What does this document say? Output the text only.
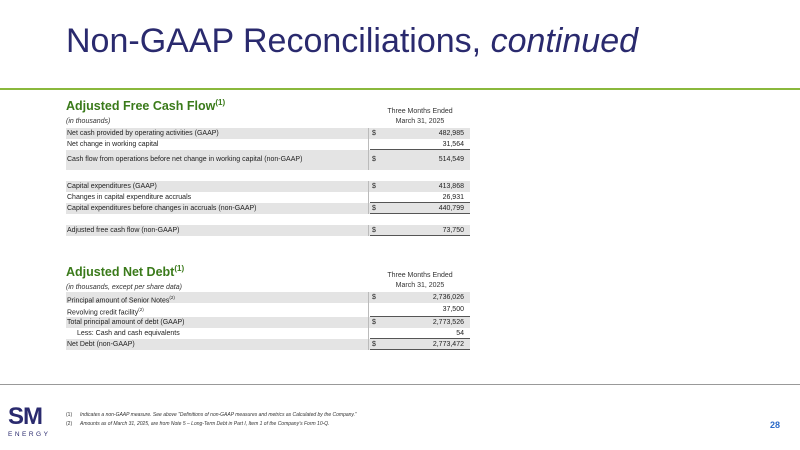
Non-GAAP Reconciliations, continued
Adjusted Free Cash Flow$^{(1)}$
(in thousands)
Three Months Ended
March 31, 2025
Net cash provided by operating activities (GAAP)	$	482,985
Net change in working capital	31,564
Cash flow from operations before net change in working capital (non-GAAP)	$	514,549
Capital expenditures (GAAP)	$	413,868
Changes in capital expenditure accruals	26,931
Capital expenditures before changes in accruals (non-GAAP)	$	440,799
Adjusted free cash flow (non-GAAP)	$	73,750
Adjusted Net Debt$^{(1)}$
(in thousands, except per share data)
Three Months Ended
March 31, 2025
Principal amount of Senior Notes$^{(2)}$	$	2,736,026
Revolving credit facility$^{(2)}$	37,500
Total principal amount of debt (GAAP)	$	2,773,526
Less: Cash and cash equivalents	54
Net Debt (non-GAAP)	$	2,773,472
SM
ENERGY
(1) Indicates a non-GAAP measure. See above “Definitions of non-GAAP measures and metrics as Calculated by the Company.”
(2) Amounts as of March 31, 2025, are from Note 5 – Long-Term Debt in Part I, Item 1 of the Company’s Form 10-Q.	28
